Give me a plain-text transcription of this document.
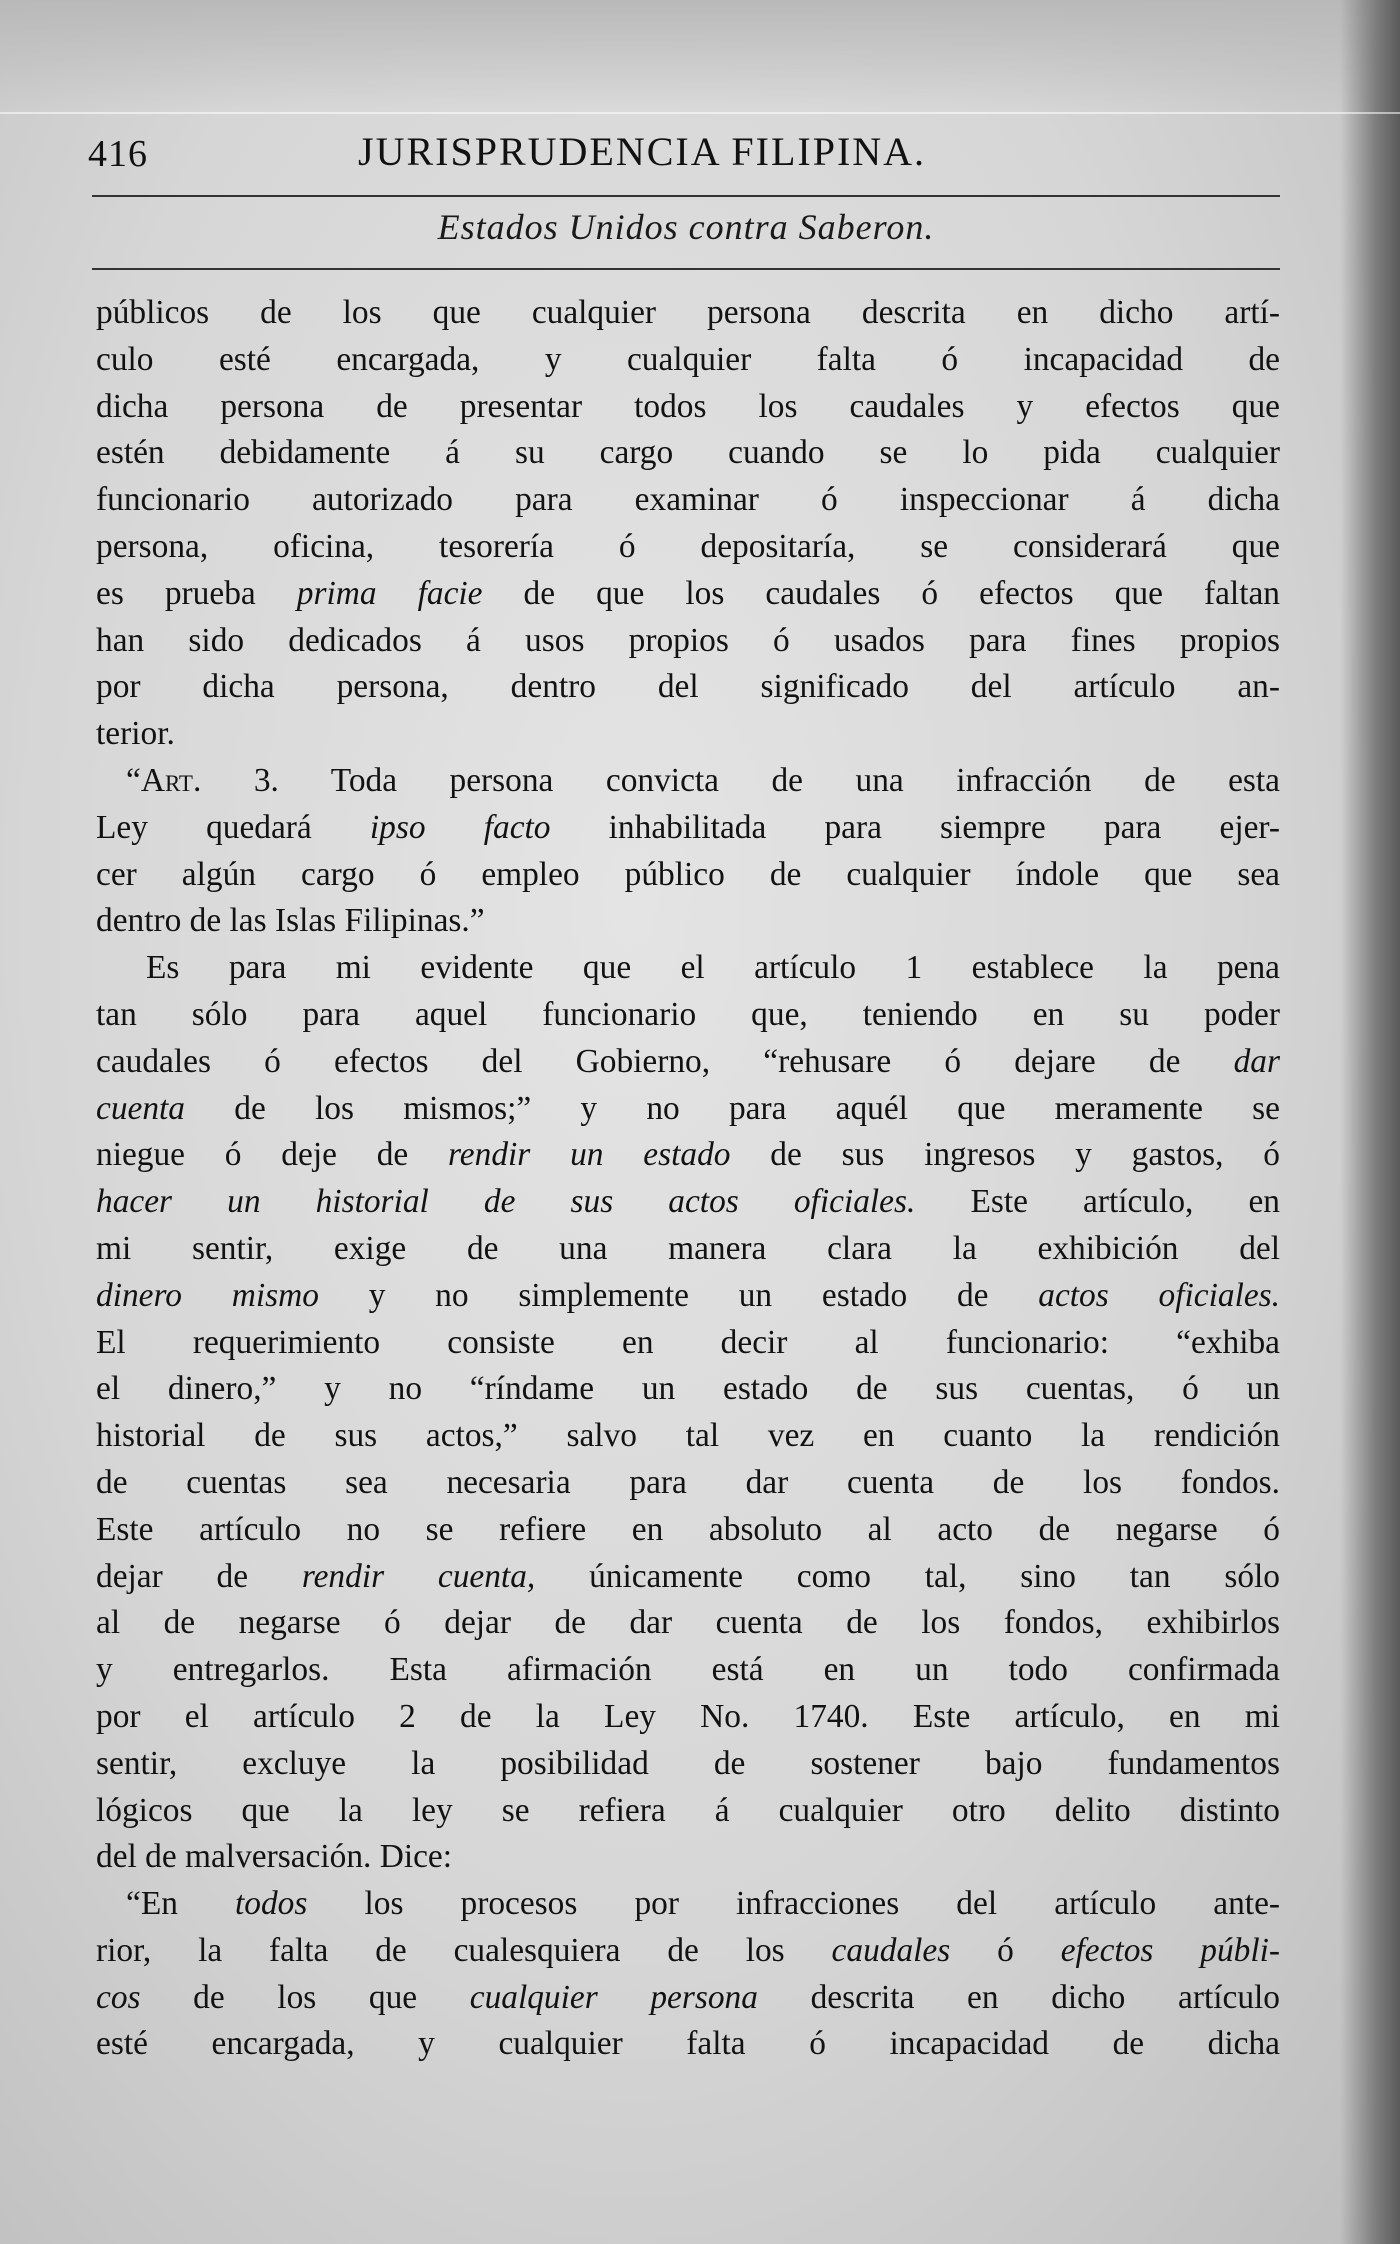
416	JURISPRUDENCIA FILIPINA.
Estados Unidos contra Saberon.
públicos de los que cualquier persona descrita en dicho artí-
culo esté encargada, y cualquier falta ó incapacidad de
dicha persona de presentar todos los caudales y efectos que
estén debidamente á su cargo cuando se lo pida cualquier
funcionario autorizado para examinar ó inspeccionar á dicha
persona, oficina, tesorería ó depositaría, se considerará que
es prueba prima facie de que los caudales ó efectos que faltan
han sido dedicados á usos propios ó usados para fines propios
por dicha persona, dentro del significado del artículo an-
terior.
“Art. 3. Toda persona convicta de una infracción de esta
Ley quedará ipso facto inhabilitada para siempre para ejer-
cer algún cargo ó empleo público de cualquier índole que sea
dentro de las Islas Filipinas.”
Es para mi evidente que el artículo 1 establece la pena
tan sólo para aquel funcionario que, teniendo en su poder
caudales ó efectos del Gobierno, “rehusare ó dejare de dar
cuenta de los mismos;” y no para aquél que meramente se
niegue ó deje de rendir un estado de sus ingresos y gastos, ó
hacer un historial de sus actos oficiales. Este artículo, en
mi sentir, exige de una manera clara la exhibición del
dinero mismo y no simplemente un estado de actos oficiales.
El requerimiento consiste en decir al funcionario: “exhiba
el dinero,” y no “ríndame un estado de sus cuentas, ó un
historial de sus actos,” salvo tal vez en cuanto la rendición
de cuentas sea necesaria para dar cuenta de los fondos.
Este artículo no se refiere en absoluto al acto de negarse ó
dejar de rendir cuenta, únicamente como tal, sino tan sólo
al de negarse ó dejar de dar cuenta de los fondos, exhibirlos
y entregarlos. Esta afirmación está en un todo confirmada
por el artículo 2 de la Ley No. 1740. Este artículo, en mi
sentir, excluye la posibilidad de sostener bajo fundamentos
lógicos que la ley se refiera á cualquier otro delito distinto
del de malversación. Dice:
“En todos los procesos por infracciones del artículo ante-
rior, la falta de cualesquiera de los caudales ó efectos públi-
cos de los que cualquier persona descrita en dicho artículo
esté encargada, y cualquier falta ó incapacidad de dicha
